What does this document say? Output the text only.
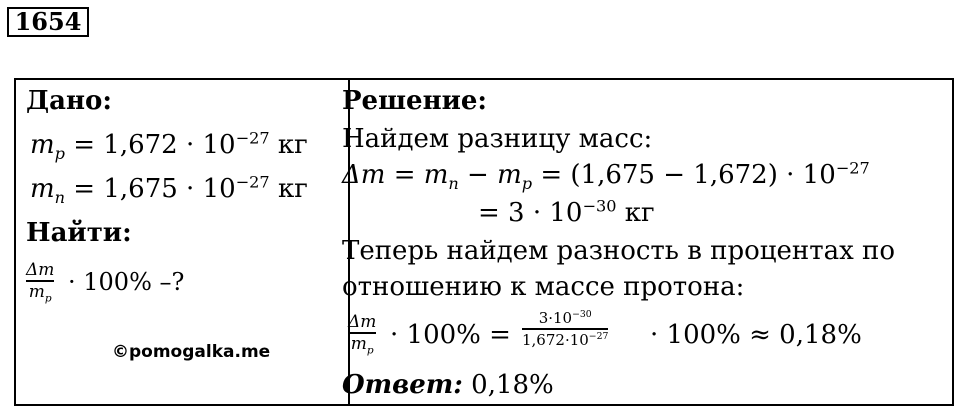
1654
Дано:
$m_p = 1,672 \cdot 10^{-27}$ кг
$m_n = 1,675 \cdot 10^{-27}$ кг
Найти:
Δm
$m_p$
· 100% –?
©pomogalka.me
Решение:
Найдем разницу масс:
$\Delta m = m_n - m_p = (1,675 - 1,672) \cdot 10^{-27}$
= $3 \cdot 10^{-30}$ кг
Теперь найдем разность в процентах по
отношению к массе протона:
Δm
$m_p \cdot 100\%$ =
$3\cdot 10^{-30}$
$1,672\cdot 10^{-27} \cdot 100\% \approx 0,18\%$
Ответ: 0,18%
